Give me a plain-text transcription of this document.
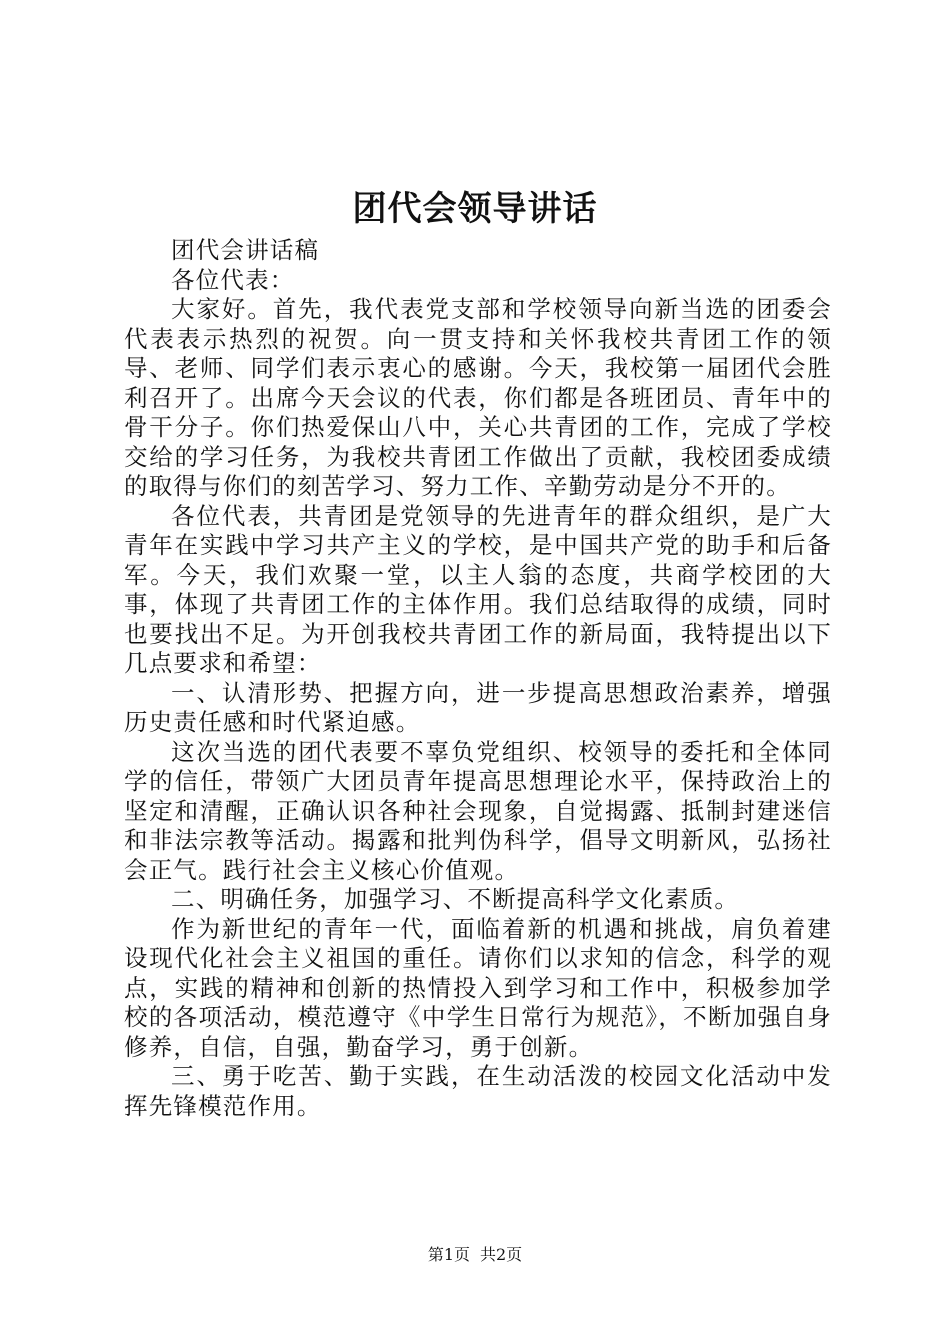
团代会领导讲话

团代会讲话稿

各位代表：

大家好。首先，我代表党支部和学校领导向新当选的团委会代表表示热烈的祝贺。向一贯支持和关怀我校共青团工作的领导、老师、同学们表示衷心的感谢。今天，我校第一届团代会胜利召开了。出席今天会议的代表，你们都是各班团员、青年中的骨干分子。你们热爱保山八中，关心共青团的工作，完成了学校交给的学习任务，为我校共青团工作做出了贡献，我校团委成绩的取得与你们的刻苦学习、努力工作、辛勤劳动是分不开的。

各位代表，共青团是党领导的先进青年的群众组织，是广大青年在实践中学习共产主义的学校，是中国共产党的助手和后备军。今天，我们欢聚一堂，以主人翁的态度，共商学校团的大事，体现了共青团工作的主体作用。我们总结取得的成绩，同时也要找出不足。为开创我校共青团工作的新局面，我特提出以下几点要求和希望：

一、认清形势、把握方向，进一步提高思想政治素养，增强历史责任感和时代紧迫感。

这次当选的团代表要不辜负党组织、校领导的委托和全体同学的信任，带领广大团员青年提高思想理论水平，保持政治上的坚定和清醒，正确认识各种社会现象，自觉揭露、抵制封建迷信和非法宗教等活动。揭露和批判伪科学，倡导文明新风，弘扬社会正气。践行社会主义核心价值观。

二、明确任务，加强学习、不断提高科学文化素质。

作为新世纪的青年一代，面临着新的机遇和挑战，肩负着建设现代化社会主义祖国的重任。请你们以求知的信念，科学的观点，实践的精神和创新的热情投入到学习和工作中，积极参加学校的各项活动，模范遵守《中学生日常行为规范》，不断加强自身修养，自信，自强，勤奋学习，勇于创新。

三、勇于吃苦、勤于实践，在生动活泼的校园文化活动中发挥先锋模范作用。

第1页 共2页
